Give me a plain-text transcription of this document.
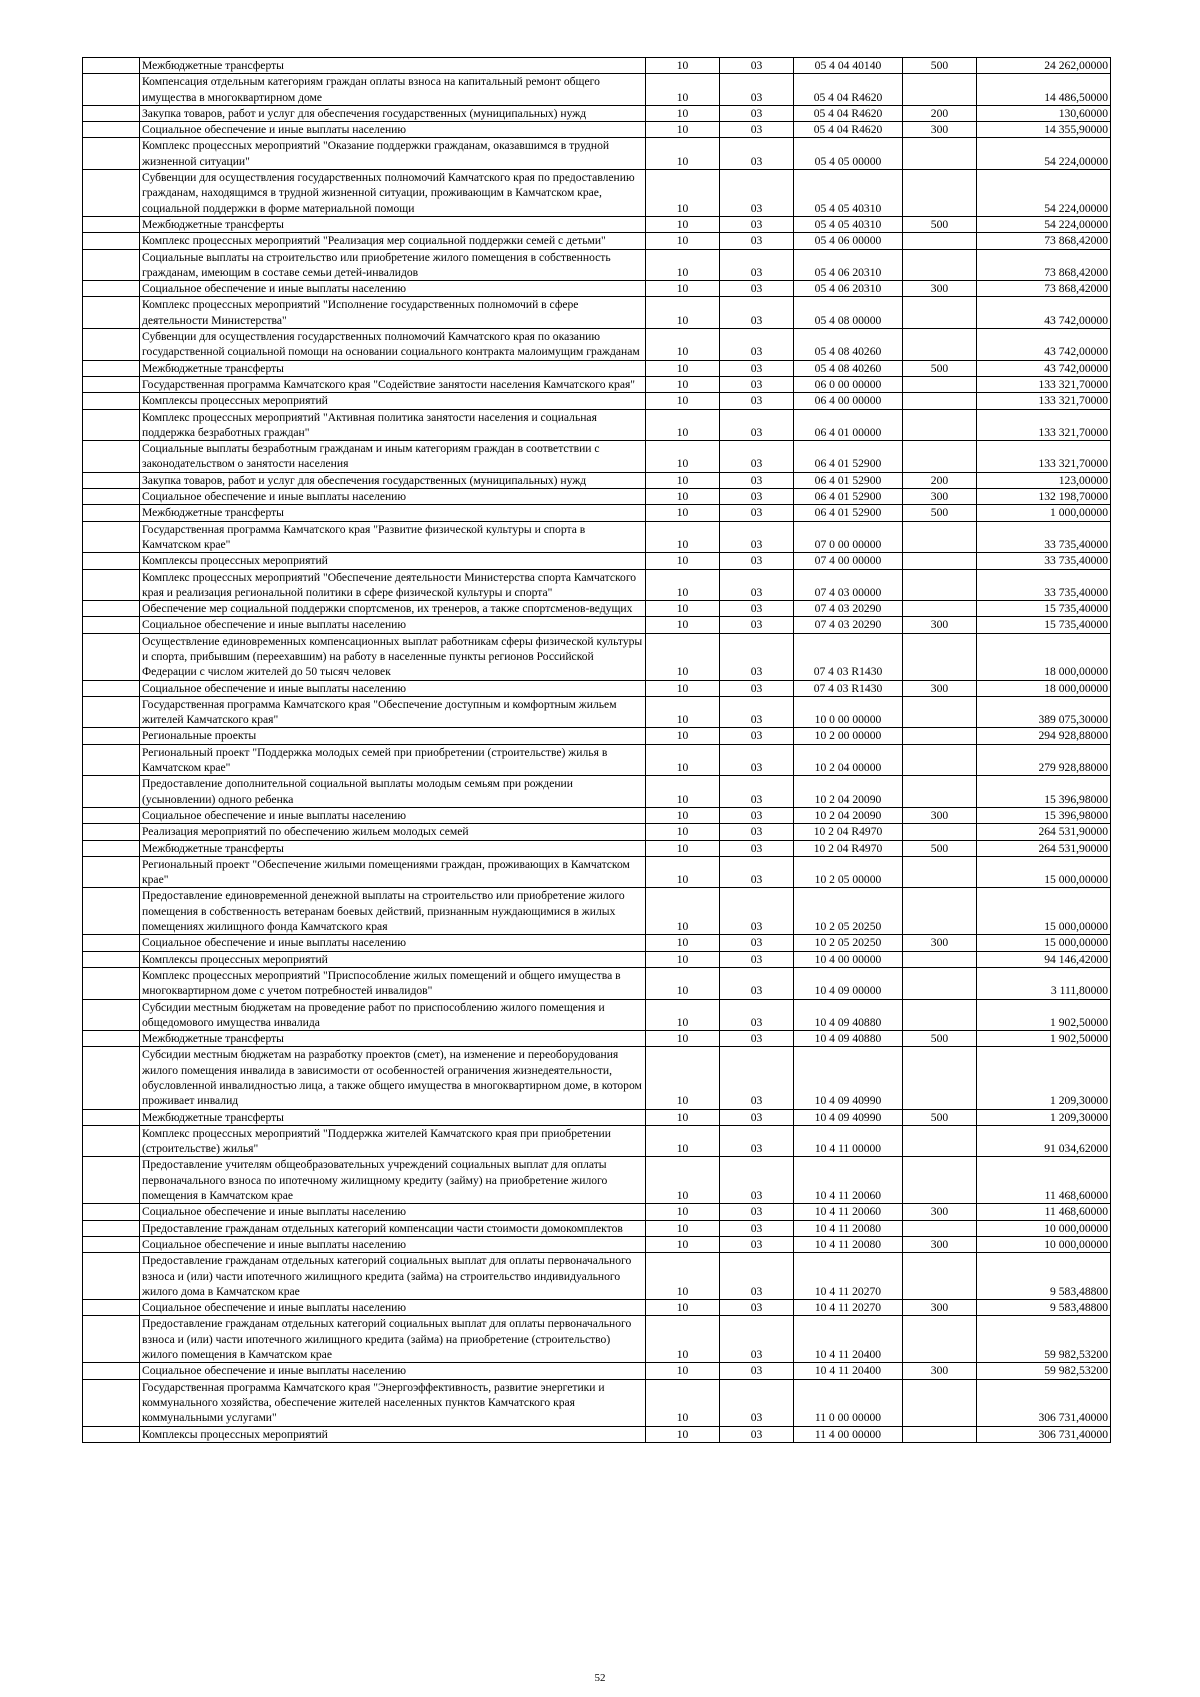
	Межбюджетные трансферты	10	03	05 4 04 40140	500	24 262,00000
	Компенсация отдельным категориям граждан оплаты взноса на капитальный ремонт общего имущества в многоквартирном доме	10	03	05 4 04 R4620		14 486,50000
	Закупка товаров, работ и услуг для обеспечения государственных (муниципальных) нужд	10	03	05 4 04 R4620	200	130,60000
	Социальное обеспечение и иные выплаты населению	10	03	05 4 04 R4620	300	14 355,90000
	Комплекс процессных мероприятий "Оказание поддержки гражданам, оказавшимся в трудной жизненной ситуации"	10	03	05 4 05 00000		54 224,00000
	Субвенции для осуществления государственных полномочий Камчатского края по предоставлению гражданам, находящимся в трудной жизненной ситуации, проживающим в Камчатском крае, социальной поддержки в форме материальной помощи	10	03	05 4 05 40310		54 224,00000
	Межбюджетные трансферты	10	03	05 4 05 40310	500	54 224,00000
	Комплекс процессных мероприятий "Реализация мер социальной поддержки семей с детьми"	10	03	05 4 06 00000		73 868,42000
	Социальные выплаты на строительство или приобретение жилого помещения в собственность гражданам, имеющим в составе семьи детей-инвалидов	10	03	05 4 06 20310		73 868,42000
	Социальное обеспечение и иные выплаты населению	10	03	05 4 06 20310	300	73 868,42000
	Комплекс процессных мероприятий "Исполнение государственных полномочий в сфере деятельности Министерства"	10	03	05 4 08 00000		43 742,00000
	Субвенции для осуществления государственных полномочий Камчатского края по оказанию государственной социальной помощи на основании социального контракта малоимущим гражданам	10	03	05 4 08 40260		43 742,00000
	Межбюджетные трансферты	10	03	05 4 08 40260	500	43 742,00000
	Государственная программа Камчатского края "Содействие занятости населения Камчатского края"	10	03	06 0 00 00000		133 321,70000
	Комплексы процессных мероприятий	10	03	06 4 00 00000		133 321,70000
	Комплекс процессных мероприятий "Активная политика занятости населения и социальная поддержка безработных граждан"	10	03	06 4 01 00000		133 321,70000
	Социальные выплаты безработным гражданам и иным категориям граждан в соответствии с законодательством о занятости населения	10	03	06 4 01 52900		133 321,70000
	Закупка товаров, работ и услуг для обеспечения государственных (муниципальных) нужд	10	03	06 4 01 52900	200	123,00000
	Социальное обеспечение и иные выплаты населению	10	03	06 4 01 52900	300	132 198,70000
	Межбюджетные трансферты	10	03	06 4 01 52900	500	1 000,00000
	Государственная программа Камчатского края "Развитие физической культуры и спорта в Камчатском крае"	10	03	07 0 00 00000		33 735,40000
	Комплексы процессных мероприятий	10	03	07 4 00 00000		33 735,40000
	Комплекс процессных мероприятий "Обеспечение деятельности Министерства спорта Камчатского края и реализация региональной политики в сфере физической культуры и спорта"	10	03	07 4 03 00000		33 735,40000
	Обеспечение мер социальной поддержки спортсменов, их тренеров, а также спортсменов-ведущих	10	03	07 4 03 20290		15 735,40000
	Социальное обеспечение и иные выплаты населению	10	03	07 4 03 20290	300	15 735,40000
	Осуществление единовременных компенсационных выплат работникам сферы физической культуры и спорта, прибывшим (переехавшим) на работу в населенные пункты регионов Российской Федерации с числом жителей до 50 тысяч человек	10	03	07 4 03 R1430		18 000,00000
	Социальное обеспечение и иные выплаты населению	10	03	07 4 03 R1430	300	18 000,00000
	Государственная программа Камчатского края "Обеспечение доступным и комфортным жильем жителей Камчатского края"	10	03	10 0 00 00000		389 075,30000
	Региональные проекты	10	03	10 2 00 00000		294 928,88000
	Региональный проект "Поддержка молодых семей при приобретении (строительстве) жилья в Камчатском крае"	10	03	10 2 04 00000		279 928,88000
	Предоставление дополнительной социальной выплаты молодым семьям при рождении (усыновлении) одного ребенка	10	03	10 2 04 20090		15 396,98000
	Социальное обеспечение и иные выплаты населению	10	03	10 2 04 20090	300	15 396,98000
	Реализация мероприятий по обеспечению жильем молодых семей	10	03	10 2 04 R4970		264 531,90000
	Межбюджетные трансферты	10	03	10 2 04 R4970	500	264 531,90000
	Региональный проект "Обеспечение жилыми помещениями граждан, проживающих в Камчатском крае"	10	03	10 2 05 00000		15 000,00000
	Предоставление единовременной денежной выплаты на строительство или приобретение жилого помещения в собственность ветеранам боевых действий, признанным нуждающимися в жилых помещениях жилищного фонда Камчатского края	10	03	10 2 05 20250		15 000,00000
	Социальное обеспечение и иные выплаты населению	10	03	10 2 05 20250	300	15 000,00000
	Комплексы процессных мероприятий	10	03	10 4 00 00000		94 146,42000
	Комплекс процессных мероприятий "Приспособление жилых помещений и общего имущества в многоквартирном доме с учетом потребностей инвалидов"	10	03	10 4 09 00000		3 111,80000
	Субсидии местным бюджетам на проведение работ по приспособлению жилого помещения и общедомового имущества инвалида	10	03	10 4 09 40880		1 902,50000
	Межбюджетные трансферты	10	03	10 4 09 40880	500	1 902,50000
	Субсидии местным бюджетам на разработку проектов (смет), на изменение и переоборудования жилого помещения инвалида в зависимости от особенностей ограничения жизнедеятельности, обусловленной инвалидностью лица, а также общего имущества в многоквартирном доме, в котором проживает инвалид	10	03	10 4 09 40990		1 209,30000
	Межбюджетные трансферты	10	03	10 4 09 40990	500	1 209,30000
	Комплекс процессных мероприятий "Поддержка жителей Камчатского края при приобретении (строительстве) жилья"	10	03	10 4 11 00000		91 034,62000
	Предоставление учителям общеобразовательных учреждений социальных выплат для оплаты первоначального взноса по ипотечному жилищному кредиту (займу) на приобретение жилого помещения в Камчатском крае	10	03	10 4 11 20060		11 468,60000
	Социальное обеспечение и иные выплаты населению	10	03	10 4 11 20060	300	11 468,60000
	Предоставление гражданам отдельных категорий компенсации части стоимости домокомплектов	10	03	10 4 11 20080		10 000,00000
	Социальное обеспечение и иные выплаты населению	10	03	10 4 11 20080	300	10 000,00000
	Предоставление гражданам отдельных категорий социальных выплат для оплаты первоначального взноса и (или) части ипотечного жилищного кредита (займа) на строительство индивидуального жилого дома в Камчатском крае	10	03	10 4 11 20270		9 583,48800
	Социальное обеспечение и иные выплаты населению	10	03	10 4 11 20270	300	9 583,48800
	Предоставление гражданам отдельных категорий социальных выплат для оплаты первоначального взноса и (или) части ипотечного жилищного кредита (займа) на приобретение (строительство) жилого помещения в Камчатском крае	10	03	10 4 11 20400		59 982,53200
	Социальное обеспечение и иные выплаты населению	10	03	10 4 11 20400	300	59 982,53200
	Государственная программа Камчатского края "Энергоэффективность, развитие энергетики и коммунального хозяйства, обеспечение жителей населенных пунктов Камчатского края коммунальными услугами"	10	03	11 0 00 00000		306 731,40000
	Комплексы процессных мероприятий	10	03	11 4 00 00000		306 731,40000
52
